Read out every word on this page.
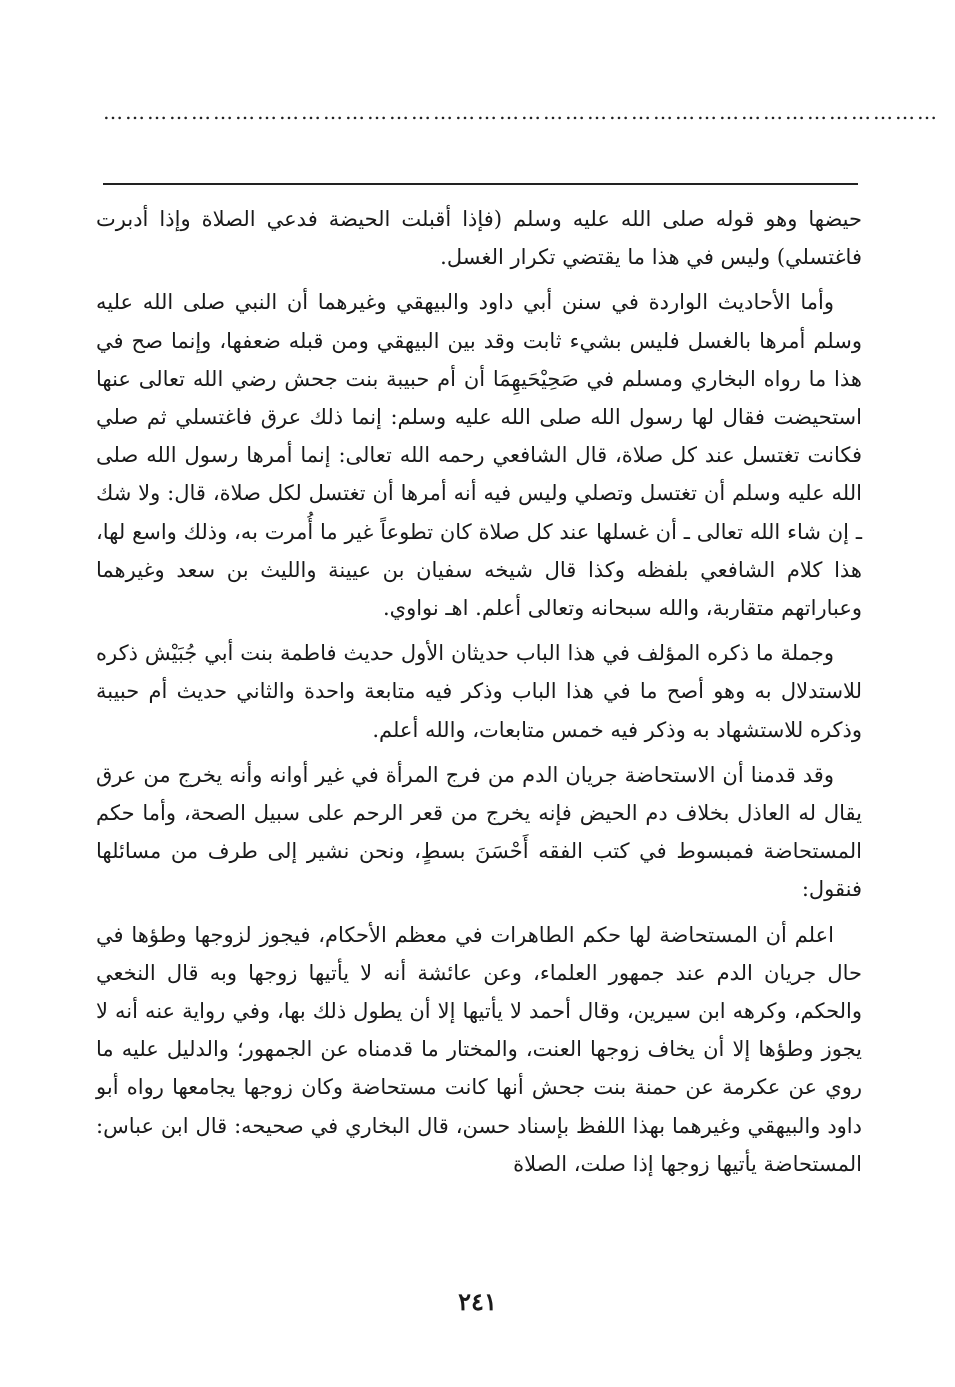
……………………………………………………………………………………………………

حيضها وهو قوله صلى الله عليه وسلم (فإذا أقبلت الحيضة فدعي الصلاة وإذا أدبرت فاغتسلي) وليس في هذا ما يقتضي تكرار الغسل.

وأما الأحاديث الواردة في سنن أبي داود والبيهقي وغيرهما أن النبي صلى الله عليه وسلم أمرها بالغسل فليس بشيء ثابت وقد بين البيهقي ومن قبله ضعفها، وإنما صح في هذا ما رواه البخاري ومسلم في صَحِيْحَيهِمَا أن أم حبيبة بنت جحش رضي الله تعالى عنها استحيضت فقال لها رسول الله صلى الله عليه وسلم: إنما ذلك عرق فاغتسلي ثم صلي فكانت تغتسل عند كل صلاة، قال الشافعي رحمه الله تعالى: إنما أمرها رسول الله صلى الله عليه وسلم أن تغتسل وتصلي وليس فيه أنه أمرها أن تغتسل لكل صلاة، قال: ولا شك ـ إن شاء الله تعالى ـ أن غسلها عند كل صلاة كان تطوعاً غير ما أُمرت به، وذلك واسع لها، هذا كلام الشافعي بلفظه وكذا قال شيخه سفيان بن عيينة والليث بن سعد وغيرهما وعباراتهم متقاربة، والله سبحانه وتعالى أعلم. اهـ نواوي.

وجملة ما ذكره المؤلف في هذا الباب حديثان الأول حديث فاطمة بنت أبي جُبَيْش ذكره للاستدلال به وهو أصح ما في هذا الباب وذكر فيه متابعة واحدة والثاني حديث أم حبيبة وذكره للاستشهاد به وذكر فيه خمس متابعات، والله أعلم.

وقد قدمنا أن الاستحاضة جريان الدم من فرج المرأة في غير أوانه وأنه يخرج من عرق يقال له العاذل بخلاف دم الحيض فإنه يخرج من قعر الرحم على سبيل الصحة، وأما حكم المستحاضة فمبسوط في كتب الفقه أَحْسَنَ بسطٍ، ونحن نشير إلى طرف من مسائلها فنقول:

اعلم أن المستحاضة لها حكم الطاهرات في معظم الأحكام، فيجوز لزوجها وطؤها في حال جريان الدم عند جمهور العلماء، وعن عائشة أنه لا يأتيها زوجها وبه قال النخعي والحكم، وكرهه ابن سيرين، وقال أحمد لا يأتيها إلا أن يطول ذلك بها، وفي رواية عنه أنه لا يجوز وطؤها إلا أن يخاف زوجها العنت، والمختار ما قدمناه عن الجمهور؛ والدليل عليه ما روي عن عكرمة عن حمنة بنت جحش أنها كانت مستحاضة وكان زوجها يجامعها رواه أبو داود والبيهقي وغيرهما بهذا اللفظ بإسناد حسن، قال البخاري في صحيحه: قال ابن عباس: المستحاضة يأتيها زوجها إذا صلت، الصلاة

٢٤١
